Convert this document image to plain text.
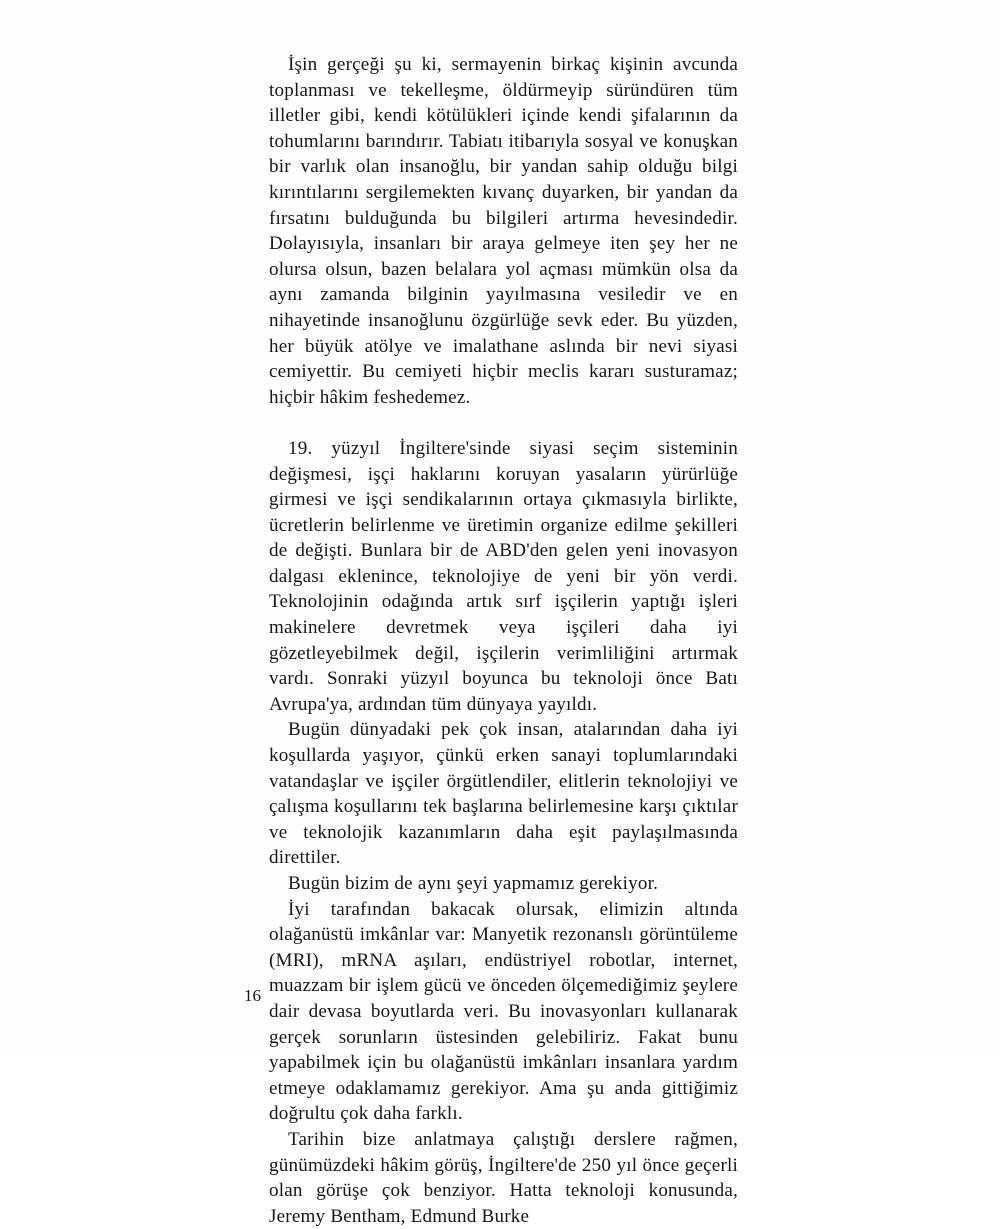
İşin gerçeği şu ki, sermayenin birkaç kişinin avcunda toplanması ve tekelleşme, öldürmeyip süründüren tüm illetler gibi, kendi kötülükleri içinde kendi şifalarının da tohumlarını barındırır. Tabiatı itibarıyla sosyal ve konuşkan bir varlık olan insanoğlu, bir yandan sahip olduğu bilgi kırıntılarını sergilemekten kıvanç duyarken, bir yandan da fırsatını bulduğunda bu bilgileri artırma hevesindedir. Dolayısıyla, insanları bir araya gelmeye iten şey her ne olursa olsun, bazen belalara yol açması mümkün olsa da aynı zamanda bilginin yayılmasına vesiledir ve en nihayetinde insanoğlunu özgürlüğe sevk eder. Bu yüzden, her büyük atölye ve imalathane aslında bir nevi siyasi cemiyettir. Bu cemiyeti hiçbir meclis kararı susturamaz; hiçbir hâkim feshedemez.

19. yüzyıl İngiltere'sinde siyasi seçim sisteminin değişmesi, işçi haklarını koruyan yasaların yürürlüğe girmesi ve işçi sendikalarının ortaya çıkmasıyla birlikte, ücretlerin belirlenme ve üretimin organize edilme şekilleri de değişti. Bunlara bir de ABD'den gelen yeni inovasyon dalgası eklenince, teknolojiye de yeni bir yön verdi. Teknolojinin odağında artık sırf işçilerin yaptığı işleri makinelere devretmek veya işçileri daha iyi gözetleyebilmek değil, işçilerin verimliliğini artırmak vardı. Sonraki yüzyıl boyunca bu teknoloji önce Batı Avrupa'ya, ardından tüm dünyaya yayıldı.

Bugün dünyadaki pek çok insan, atalarından daha iyi koşullarda yaşıyor, çünkü erken sanayi toplumlarındaki vatandaşlar ve işçiler örgütlendiler, elitlerin teknolojiyi ve çalışma koşullarını tek başlarına belirlemesine karşı çıktılar ve teknolojik kazanımların daha eşit paylaşılmasında direttiler.

Bugün bizim de aynı şeyi yapmamız gerekiyor.

İyi tarafından bakacak olursak, elimizin altında olağanüstü imkânlar var: Manyetik rezonanslı görüntüleme (MRI), mRNA aşıları, endüstriyel robotlar, internet, muazzam bir işlem gücü ve önceden ölçemediğimiz şeylere dair devasa boyutlarda veri. Bu inovasyonları kullanarak gerçek sorunların üstesinden gelebiliriz. Fakat bunu yapabilmek için bu olağanüstü imkânları insanlara yardım etmeye odaklamamız gerekiyor. Ama şu anda gittiğimiz doğrultu çok daha farklı.

Tarihin bize anlatmaya çalıştığı derslere rağmen, günümüzdeki hâkim görüş, İngiltere'de 250 yıl önce geçerli olan görüşe çok benziyor. Hatta teknoloji konusunda, Jeremy Bentham, Edmund Burke

16
